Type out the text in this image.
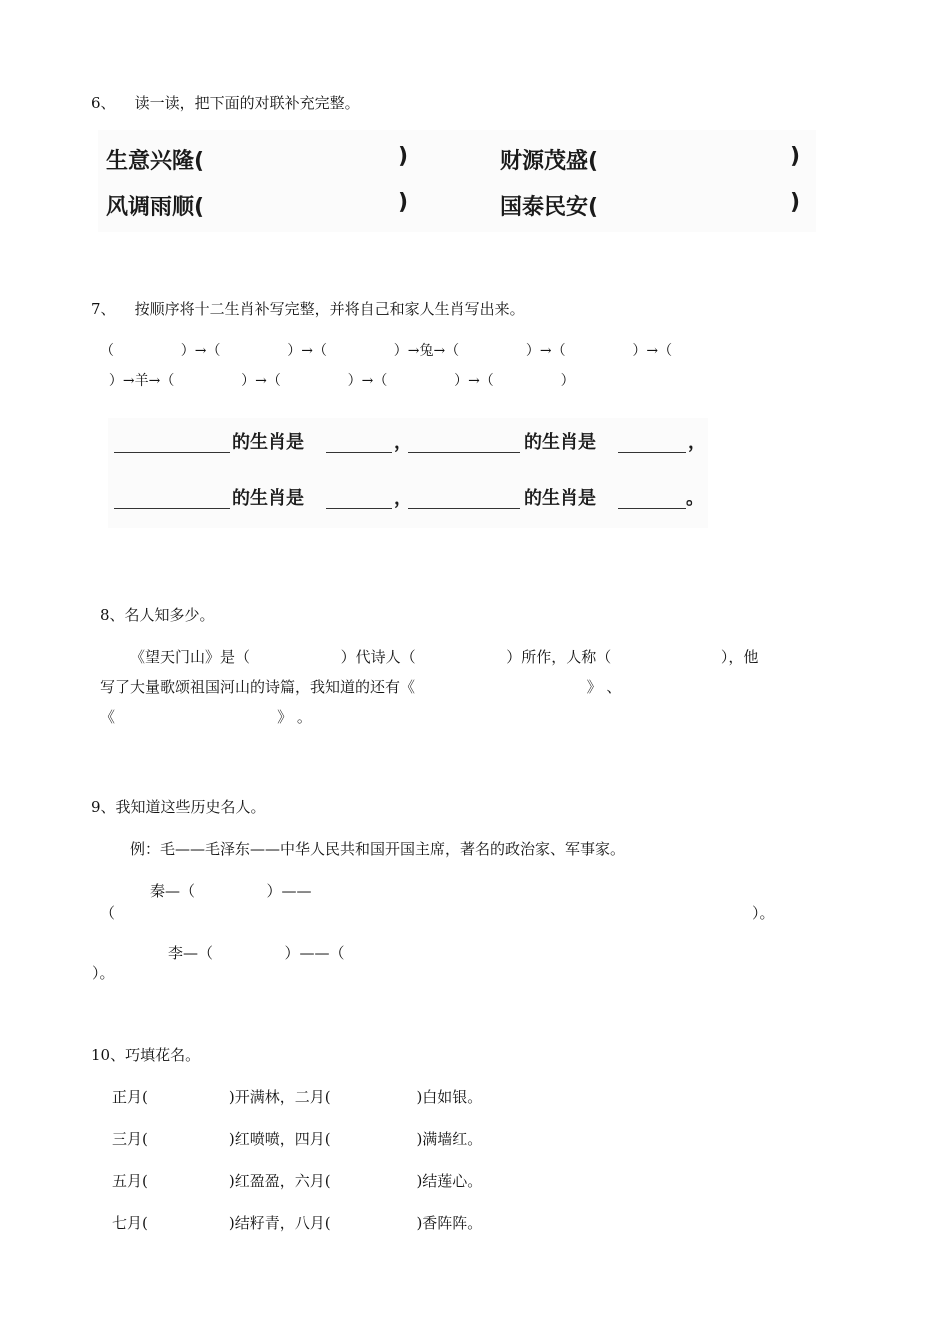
6、    读一读，把下面的对联补充完整。
生意兴隆(	)	财源茂盛(	)
风调雨顺(	)	国泰民安(	)
7、    按顺序将十二生肖补写完整，并将自己和家人生肖写出来。
（               ）→（               ）→（               ）→兔→（               ）→（               ）→（
）→羊→（               ）→（               ）→（               ）→（               ）
的生肖是	，	的生肖是	，
的生肖是	，	的生肖是	。
8、名人知多少。
《望天门山》是（                   ）代诗人（                   ）所作，人称（                       ），他
写了大量歌颂祖国河山的诗篇，我知道的还有《                                    》 、
《                                  》 。
9、我知道这些历史名人。
例：毛——毛泽东——中华人民共和国开国主席，著名的政治家、军事家。
秦—（               ）——
（	）。
李—（               ）——（
）。
10、巧填花名。
正月(                 )开满林，二月(                  )白如银。
三月(                 )红喷喷，四月(                  )满墙红。
五月(                 )红盈盈，六月(                  )结莲心。
七月(                 )结籽青，八月(                  )香阵阵。
